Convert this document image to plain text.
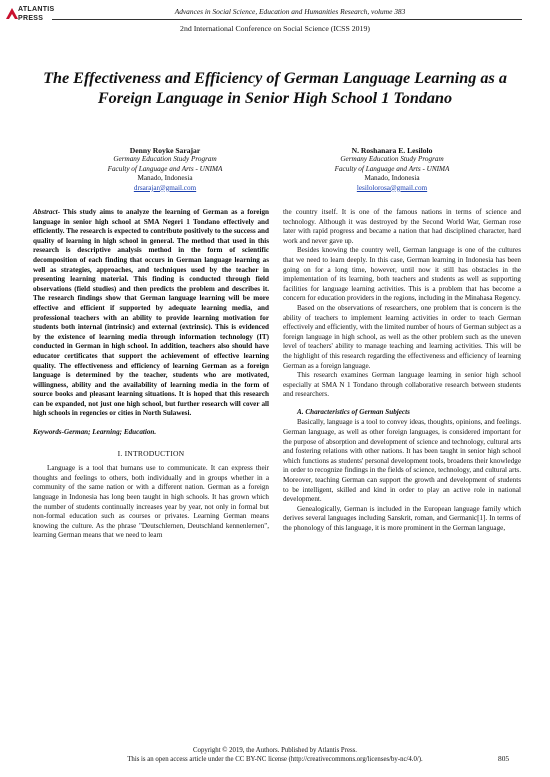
ATLANTIS
PRESS
Advances in Social Science, Education and Humanities Research, volume 383
2nd International Conference on Social Science (ICSS 2019)
The Effectiveness and Efficiency of German Language Learning as a Foreign Language in Senior High School 1 Tondano
Denny Royke Sarajar
Germany Education Study Program
Faculty of Language and Arts - UNIMA
Manado, Indonesia
drsarajar@gmail.com
N. Roshanara E. Lesilolo
Germany Education Study Program
Faculty of Language and Arts - UNIMA
Manado, Indonesia
lesilolorosa@gmail.com
Abstract- This study aims to analyze the learning of German as a foreign language in senior high school at SMA Negeri 1 Tondano effectively and efficiently. The research is expected to contribute positively to the success and quality of learning in high school in general. The method that used in this research is descriptive analysis method in the form of scientific decomposition of each finding that occurs in German language learning as well as strategies, approaches, and techniques used by the teacher in presenting learning material. This finding is conducted through field observations (field studies) and then predicts the problem and describes it. The research findings show that German language learning will be more effective and efficient if supported by adequate learning media, and professional teachers with an ability to provide learning motivation for students both internal (intrinsic) and external (extrinsic). This is evidenced by the existence of learning media through information technology (IT) conducted in German in high school. In addition, teachers also should have educator certificates that support the achievement of effective learning quality. The effectiveness and efficiency of learning German as a foreign language is determined by the teacher, students who are motivated, willingness, ability and the availability of learning media in the form of source books and pleasant learning situations. It is hoped that this research can be expanded, not just one high school, but further research will cover all high schools in regencies or cities in North Sulawesi.
Keywords-German; Learning; Education.
I. INTRODUCTION

Language is a tool that humans use to communicate. It can express their thoughts and feelings to others, both individually and in groups whether in a community of the same nation or with a different nation. German as a foreign language in Indonesia has long been taught in high schools. It has grown which the number of students continually increases year by year, not only in formal but non-formal education such as courses or privates. Learning German means knowing the culture. As the phrase "Deutschlernen, Deutschland kennenlernen", learning German means that we need to learn

the country itself. It is one of the famous nations in terms of science and technology. Although it was destroyed by the Second World War, German rose later with rapid progress and became a nation that had disciplined character, hard work and never gave up.

Besides knowing the country well, German language is one of the cultures that we need to learn deeply. In this case, German learning in Indonesia has been going on for a long time, however, until now it still has obstacles in the implementation of its learning, both teachers and students as well as supporting facilities for language learning activities. This is a problem that has become a concern for education providers in the regions, including in the Minahasa Regency.

Based on the observations of researchers, one problem that is concern is the ability of teachers to implement learning activities in order to teach German effectively and efficiently, with the limited number of hours of German subject as a foreign language in high school, as well as the other problem such as the uneven level of teachers' ability to manage teaching and learning activities. This will be the highlight of this research regarding the effectiveness and efficiency of learning German as a foreign language.

This research examines German language learning in senior high school especially at SMA N 1 Tondano through collaborative research between students and researchers.

A. Characteristics of German Subjects

Basically, language is a tool to convey ideas, thoughts, opinions, and feelings. German language, as well as other foreign languages, is considered important for the purpose of absorption and development of science and technology, cultural arts and fostering relations with other nations. It has been taught in senior high school which functions as students' personal development tools, broadens their knowledge in order to recognize findings in the fields of science, technology, and cultural arts. Moreover, teaching German can support the growth and development of students to be intelligent, skilled and kind in order to play an active role in national development.

Genealogically, German is included in the European language family which derives several languages including Sanskrit, roman, and Germanic[1]. In terms of the phonology of this language, it is more prominent in the German language,

Copyright © 2019, the Authors. Published by Atlantis Press.
This is an open access article under the CC BY-NC license (http://creativecommons.org/licenses/by-nc/4.0/).	805
